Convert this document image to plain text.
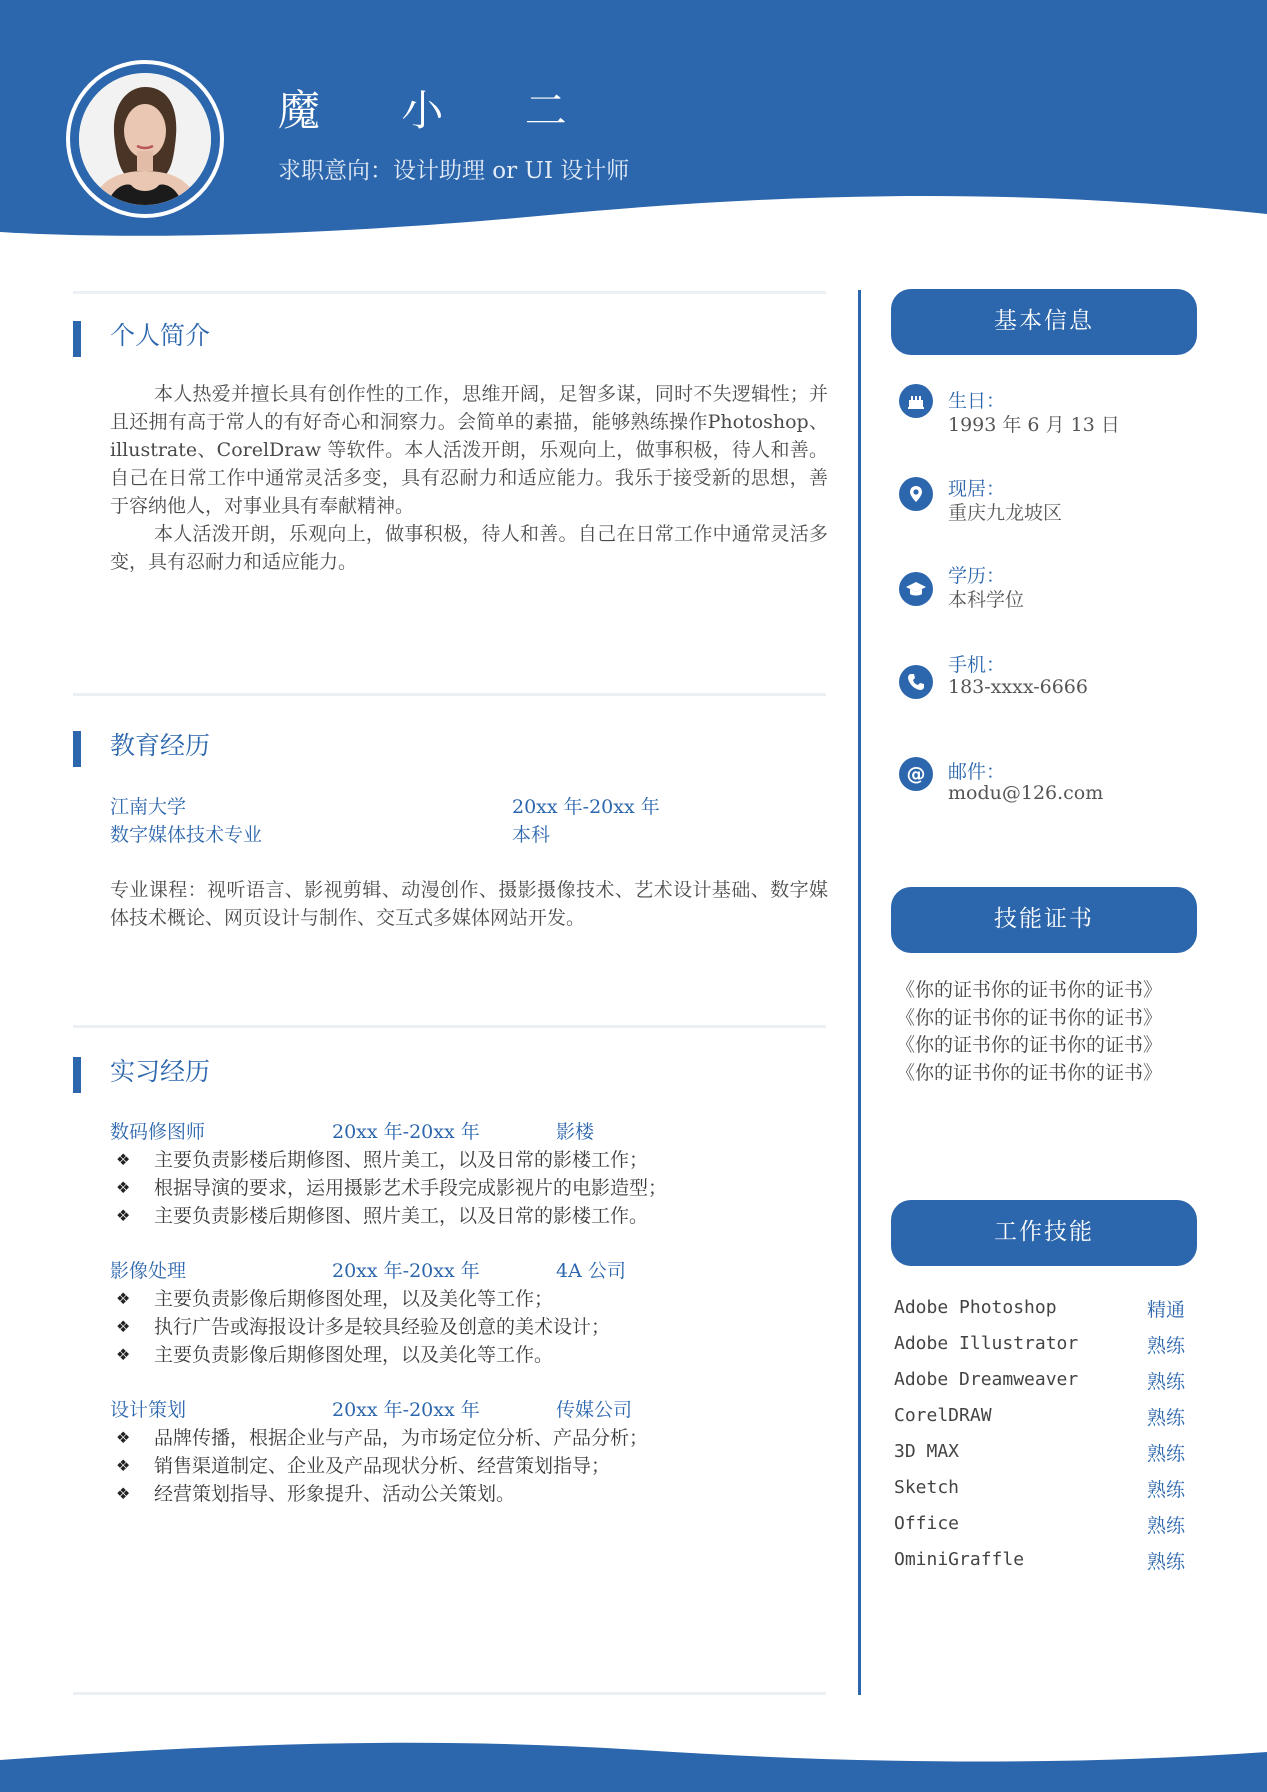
魔 小 二
求职意向：设计助理 or UI 设计师
个人简介

本人热爱并擅长具有创作性的工作，思维开阔，足智多谋，同时不失逻辑性；并且还拥有高于常人的有好奇心和洞察力。会简单的素描，能够熟练操作Photoshop、illustrate、CorelDraw 等软件。本人活泼开朗，乐观向上，做事积极，待人和善。自己在日常工作中通常灵活多变，具有忍耐力和适应能力。我乐于接受新的思想，善于容纳他人，对事业具有奉献精神。

本人活泼开朗，乐观向上，做事积极，待人和善。自己在日常工作中通常灵活多变，具有忍耐力和适应能力。

教育经历
江南大学	20xx 年-20xx 年
数字媒体技术专业	本科
专业课程：视听语言、影视剪辑、动漫创作、摄影摄像技术、艺术设计基础、数字媒体技术概论、网页设计与制作、交互式多媒体网站开发。
实习经历
数码修图师	20xx 年-20xx 年	影楼
❖ 主要负责影楼后期修图、照片美工，以及日常的影楼工作；
❖ 根据导演的要求，运用摄影艺术手段完成影视片的电影造型；
❖ 主要负责影楼后期修图、照片美工，以及日常的影楼工作。
影像处理	20xx 年-20xx 年	4A 公司
❖ 主要负责影像后期修图处理，以及美化等工作；
❖ 执行广告或海报设计多是较具经验及创意的美术设计；
❖ 主要负责影像后期修图处理，以及美化等工作。
设计策划	20xx 年-20xx 年	传媒公司
❖ 品牌传播，根据企业与产品，为市场定位分析、产品分析；
❖ 销售渠道制定、企业及产品现状分析、经营策划指导；
❖ 经营策划指导、形象提升、活动公关策划。
基本信息
生日：
1993 年 6 月 13 日
现居：
重庆九龙坡区
学历：
本科学位
手机：
183-xxxx-6666
@ 邮件：
modu@126.com
技能证书
《你的证书你的证书你的证书》
《你的证书你的证书你的证书》
《你的证书你的证书你的证书》
《你的证书你的证书你的证书》
工作技能
Adobe Photoshop	精通
Adobe Illustrator	熟练
Adobe Dreamweaver	熟练
CorelDRAW	熟练
3D MAX	熟练
Sketch	熟练
Office	熟练
OminiGraffle	熟练
